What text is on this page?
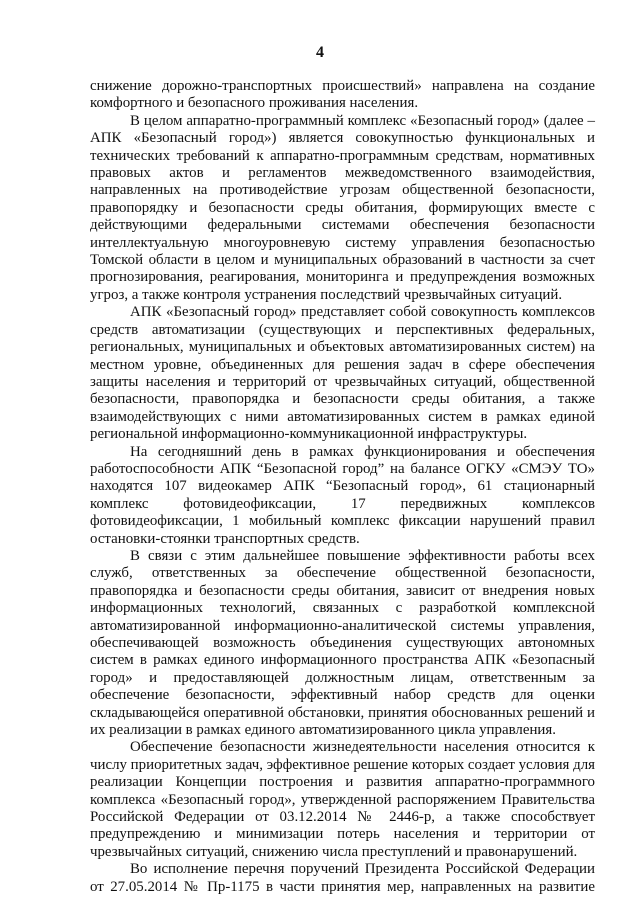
4

снижение дорожно-транспортных происшествий» направлена на создание комфортного и безопасного проживания населения.

В целом аппаратно-программный комплекс «Безопасный город» (далее – АПК «Безопасный город») является совокупностью функциональных и технических требований к аппаратно-программным средствам, нормативных правовых актов и регламентов межведомственного взаимодействия, направленных на противодействие угрозам общественной безопасности, правопорядку и безопасности среды обитания, формирующих вместе с действующими федеральными системами обеспечения безопасности интеллектуальную многоуровневую систему управления безопасностью Томской области в целом и муниципальных образований в частности за счет прогнозирования, реагирования, мониторинга и предупреждения возможных угроз, а также контроля устранения последствий чрезвычайных ситуаций.

АПК «Безопасный город» представляет собой совокупность комплексов средств автоматизации (существующих и перспективных федеральных, региональных, муниципальных и объектовых автоматизированных систем) на местном уровне, объединенных для решения задач в сфере обеспечения защиты населения и территорий от чрезвычайных ситуаций, общественной безопасности, правопорядка и безопасности среды обитания, а также взаимодействующих с ними автоматизированных систем в рамках единой региональной информационно-коммуникационной инфраструктуры.

На сегодняшний день в рамках функционирования и обеспечения работоспособности АПК “Безопасной город” на балансе ОГКУ «СМЭУ ТО» находятся 107 видеокамер АПК “Безопасный город», 61 стационарный комплекс фотовидеофиксации, 17 передвижных комплексов фотовидеофиксации, 1 мобильный комплекс фиксации нарушений правил остановки-стоянки транспортных средств.

В связи с этим дальнейшее повышение эффективности работы всех служб, ответственных за обеспечение общественной безопасности, правопорядка и безопасности среды обитания, зависит от внедрения новых информационных технологий, связанных с разработкой комплексной автоматизированной информационно-аналитической системы управления, обеспечивающей возможность объединения существующих автономных систем в рамках единого информационного пространства АПК «Безопасный город» и предоставляющей должностным лицам, ответственным за обеспечение безопасности, эффективный набор средств для оценки складывающейся оперативной обстановки, принятия обоснованных решений и их реализации в рамках единого автоматизированного цикла управления.

Обеспечение безопасности жизнедеятельности населения относится к числу приоритетных задач, эффективное решение которых создает условия для реализации Концепции построения и развития аппаратно-программного комплекса «Безопасный город», утвержденной распоряжением Правительства Российской Федерации от 03.12.2014 № 2446-р, а также способствует предупреждению и минимизации потерь населения и территории от чрезвычайных ситуаций, снижению числа преступлений и правонарушений.

Во исполнение перечня поручений Президента Российской Федерации от 27.05.2014 № Пр-1175 в части принятия мер, направленных на развитие
